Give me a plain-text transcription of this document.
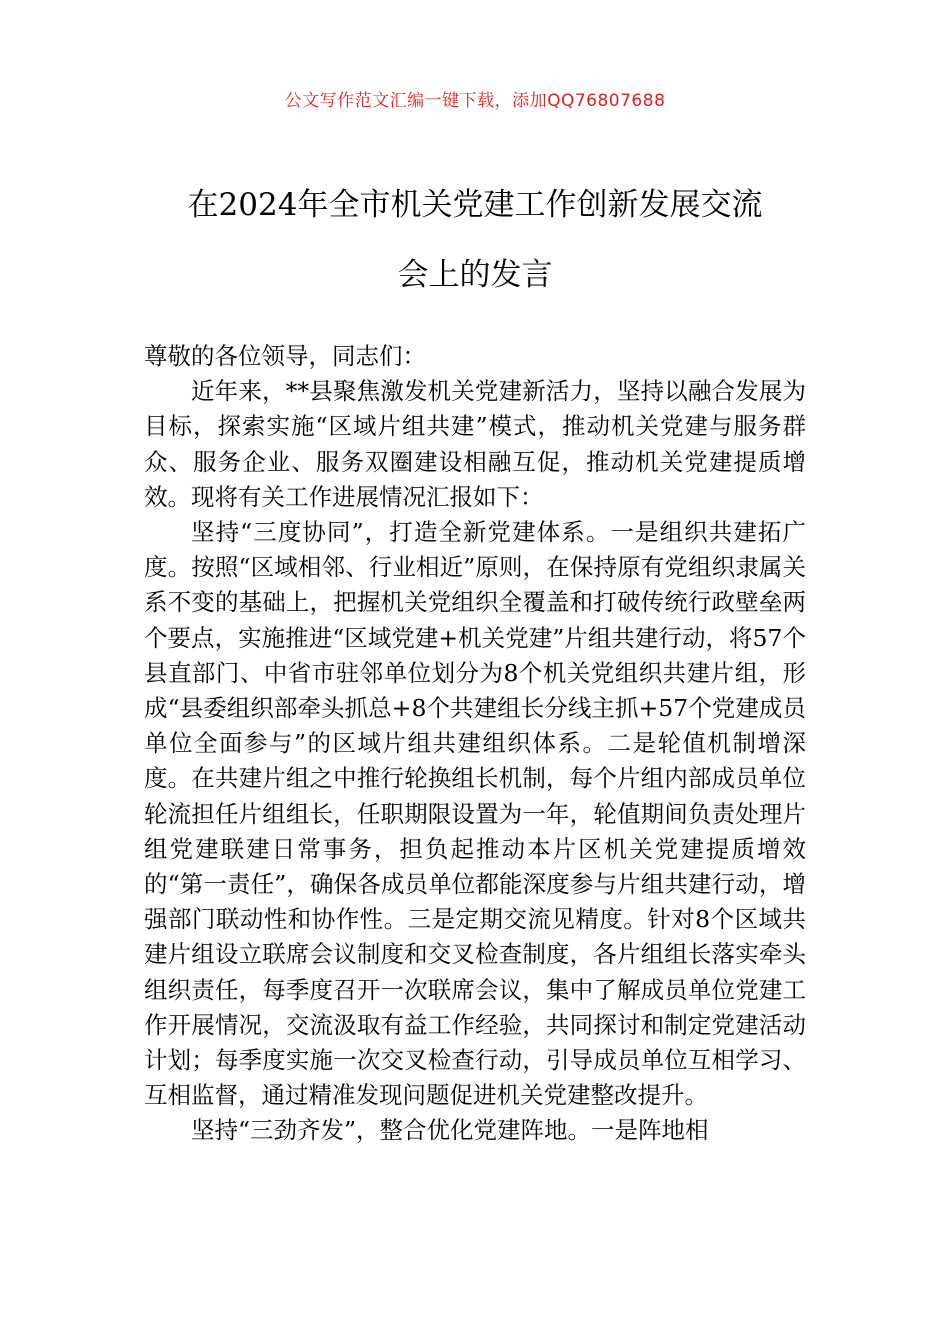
公文写作范文汇编一键下载，添加QQ76807688
在2024年全市机关党建工作创新发展交流
会上的发言

尊敬的各位领导，同志们：

近年来，**县聚焦激发机关党建新活力，坚持以融合发展为目标，探索实施“区域片组共建”模式，推动机关党建与服务群众、服务企业、服务双圈建设相融互促，推动机关党建提质增效。现将有关工作进展情况汇报如下：

坚持“三度协同”，打造全新党建体系。一是组织共建拓广度。按照“区域相邻、行业相近”原则，在保持原有党组织隶属关系不变的基础上，把握机关党组织全覆盖和打破传统行政壁垒两个要点，实施推进“区域党建+机关党建”片组共建行动，将57个县直部门、中省市驻邻单位划分为8个机关党组织共建片组，形成“县委组织部牵头抓总+8个共建组长分线主抓+57个党建成员单位全面参与”的区域片组共建组织体系。二是轮值机制增深度。在共建片组之中推行轮换组长机制，每个片组内部成员单位轮流担任片组组长，任职期限设置为一年，轮值期间负责处理片组党建联建日常事务，担负起推动本片区机关党建提质增效的“第一责任”，确保各成员单位都能深度参与片组共建行动，增强部门联动性和协作性。三是定期交流见精度。针对8个区域共建片组设立联席会议制度和交叉检查制度，各片组组长落实牵头组织责任，每季度召开一次联席会议，集中了解成员单位党建工作开展情况，交流汲取有益工作经验，共同探讨和制定党建活动计划；每季度实施一次交叉检查行动，引导成员单位互相学习、互相监督，通过精准发现问题促进机关党建整改提升。

坚持“三劲齐发”，整合优化党建阵地。一是阵地相
